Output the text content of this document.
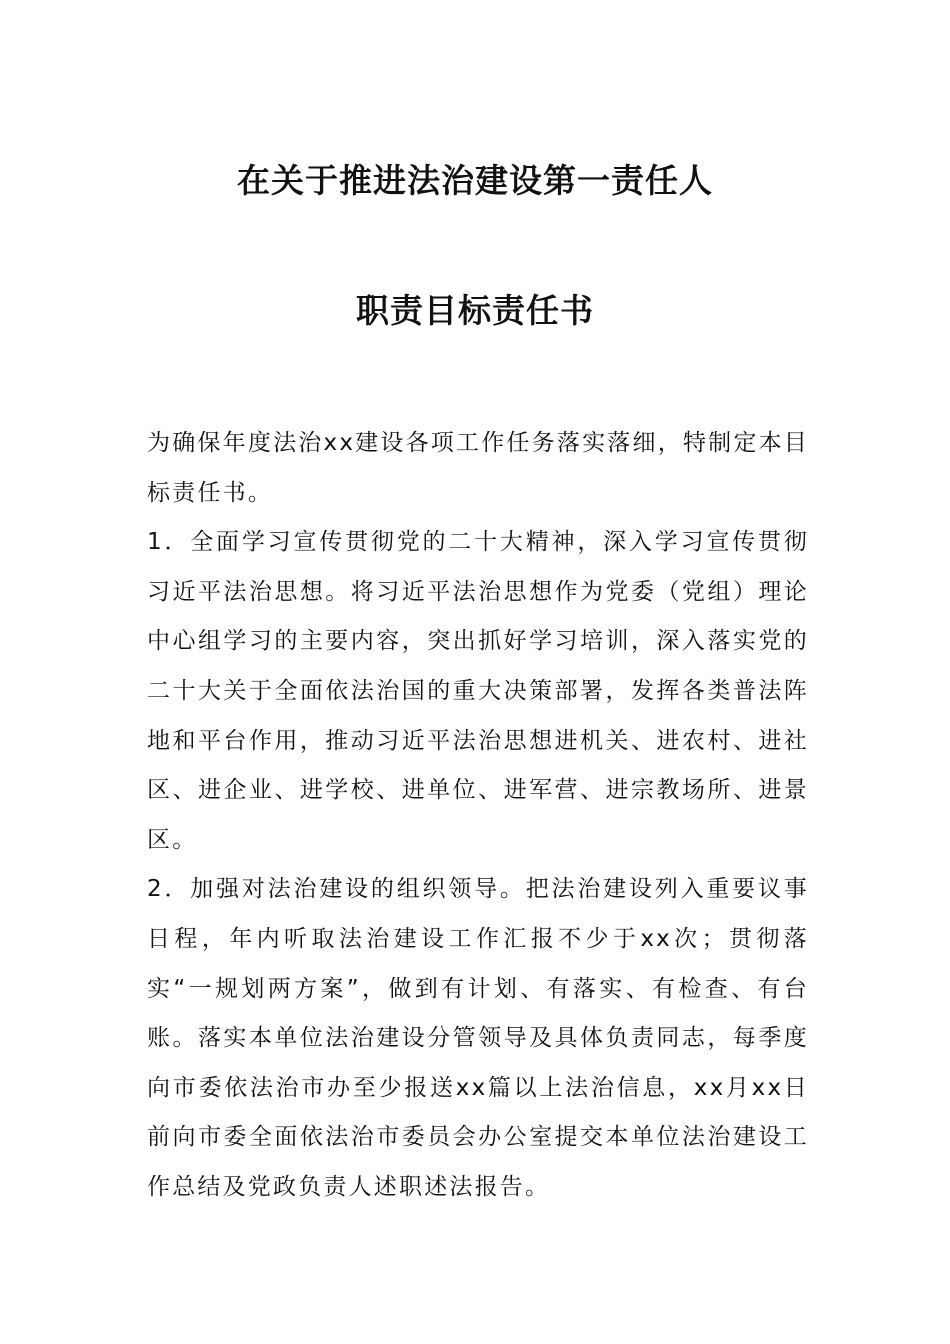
在关于推进法治建设第一责任人
职责目标责任书

为确保年度法治xx建设各项工作任务落实落细，特制定本目标责任书。

1．全面学习宣传贯彻党的二十大精神，深入学习宣传贯彻习近平法治思想。将习近平法治思想作为党委（党组）理论中心组学习的主要内容，突出抓好学习培训，深入落实党的二十大关于全面依法治国的重大决策部署，发挥各类普法阵地和平台作用，推动习近平法治思想进机关、进农村、进社区、进企业、进学校、进单位、进军营、进宗教场所、进景区。

2．加强对法治建设的组织领导。把法治建设列入重要议事日程，年内听取法治建设工作汇报不少于xx次；贯彻落实“一规划两方案”，做到有计划、有落实、有检查、有台账。落实本单位法治建设分管领导及具体负责同志，每季度向市委依法治市办至少报送xx篇以上法治信息，xx月xx日前向市委全面依法治市委员会办公室提交本单位法治建设工作总结及党政负责人述职述法报告。
